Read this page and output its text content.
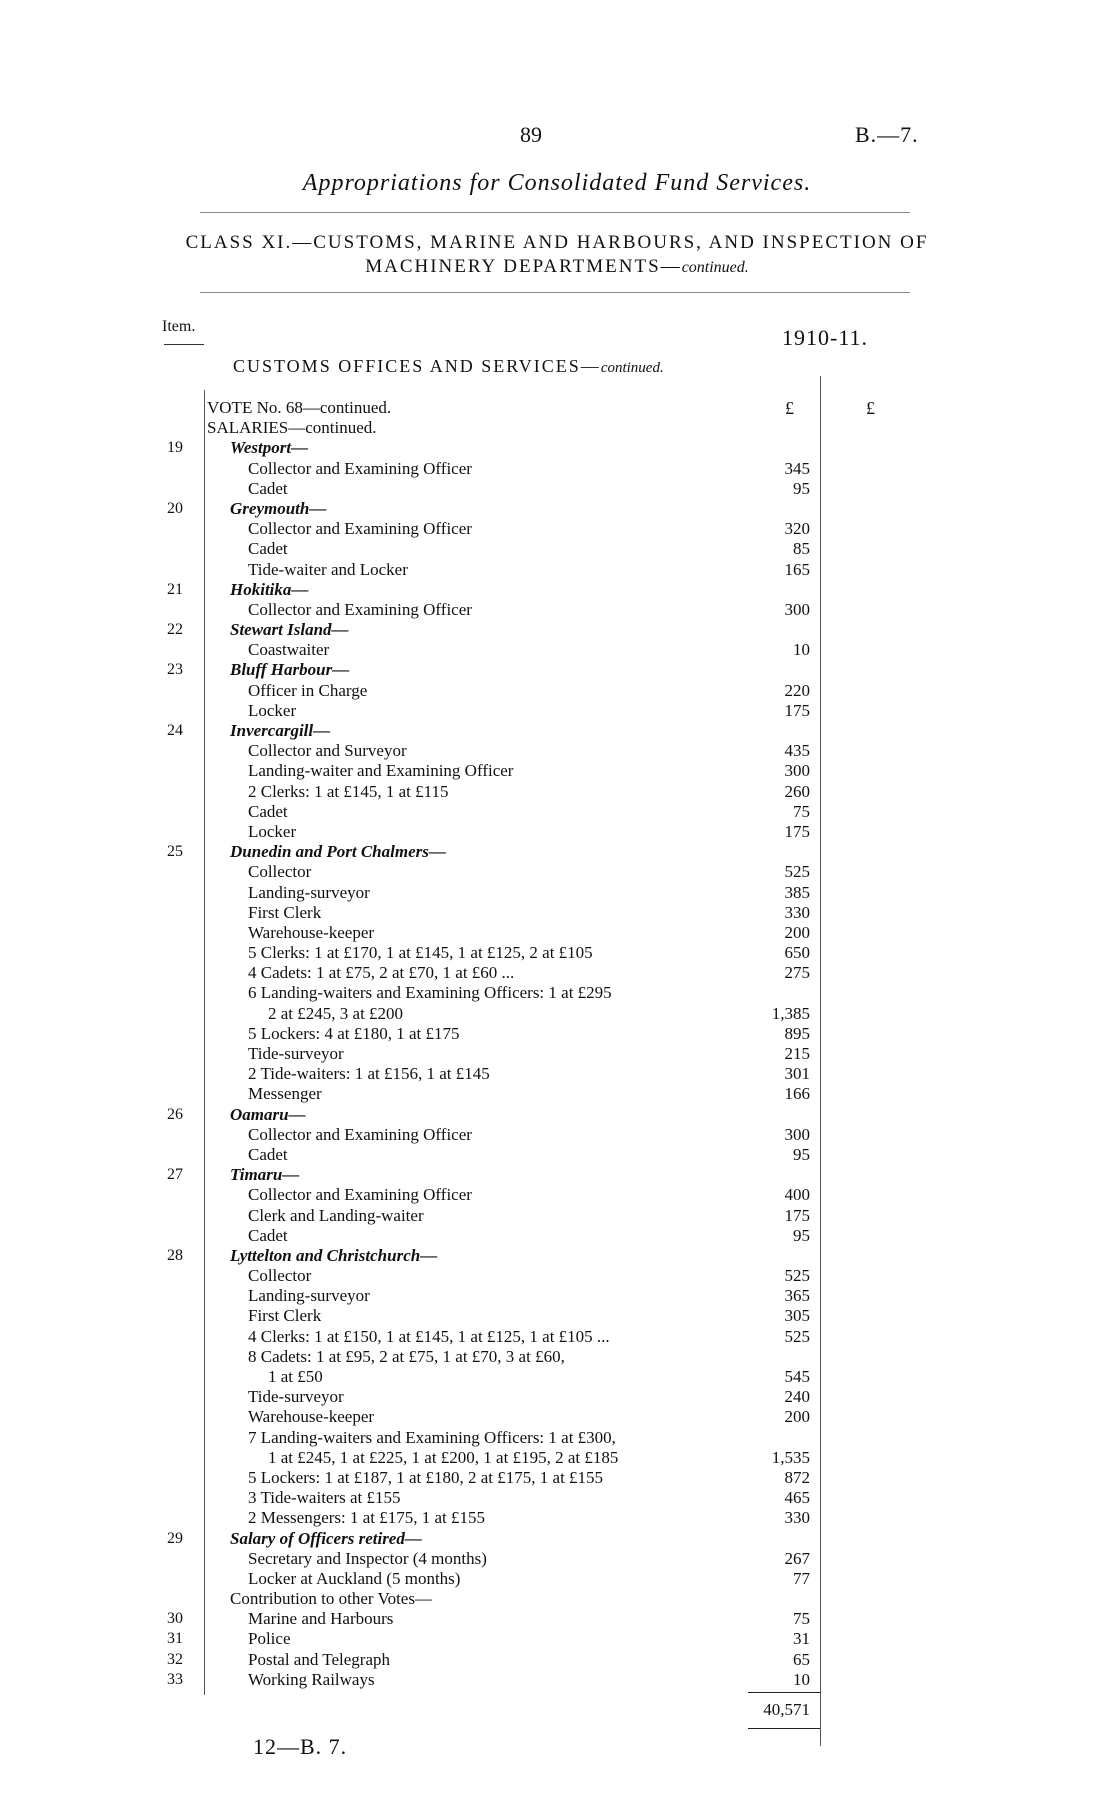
89	B.—7.
Appropriations for Consolidated Fund Services.
CLASS XI.—CUSTOMS, MARINE AND HARBOURS, AND INSPECTION OF
MACHINERY DEPARTMENTS—continued.
Item.	1910-11.
CUSTOMS OFFICES AND SERVICES—continued.
£	£
VOTE No. 68—continued.
SALARIES—continued.
19	Westport—
Collector and Examining Officer	345
Cadet	95
20	Greymouth—
Collector and Examining Officer	320
Cadet	85
Tide-waiter and Locker	165
21	Hokitika—
Collector and Examining Officer	300
22	Stewart Island—
Coastwaiter	10
23	Bluff Harbour—
Officer in Charge	220
Locker	175
24	Invercargill—
Collector and Surveyor	435
Landing-waiter and Examining Officer	300
2 Clerks: 1 at £145, 1 at £115	260
Cadet	75
Locker	175
25	Dunedin and Port Chalmers—
Collector	525
Landing-surveyor	385
First Clerk	330
Warehouse-keeper	200
5 Clerks: 1 at £170, 1 at £145, 1 at £125, 2 at £105	650
4 Cadets: 1 at £75, 2 at £70, 1 at £60 ...	275
6 Landing-waiters and Examining Officers: 1 at £295
2 at £245, 3 at £200	1,385
5 Lockers: 4 at £180, 1 at £175	895
Tide-surveyor	215
2 Tide-waiters: 1 at £156, 1 at £145	301
Messenger	166
26	Oamaru—
Collector and Examining Officer	300
Cadet	95
27	Timaru—
Collector and Examining Officer	400
Clerk and Landing-waiter	175
Cadet	95
28	Lyttelton and Christchurch—
Collector	525
Landing-surveyor	365
First Clerk	305
4 Clerks: 1 at £150, 1 at £145, 1 at £125, 1 at £105 ...	525
8 Cadets: 1 at £95, 2 at £75, 1 at £70, 3 at £60,
1 at £50	545
Tide-surveyor	240
Warehouse-keeper	200
7 Landing-waiters and Examining Officers: 1 at £300,
1 at £245, 1 at £225, 1 at £200, 1 at £195, 2 at £185	1,535
5 Lockers: 1 at £187, 1 at £180, 2 at £175, 1 at £155	872
3 Tide-waiters at £155	465
2 Messengers: 1 at £175, 1 at £155	330
29	Salary of Officers retired—
Secretary and Inspector (4 months)	267
Locker at Auckland (5 months)	77
Contribution to other Votes—
30	Marine and Harbours	75
31	Police	31
32	Postal and Telegraph	65
33	Working Railways	10
40,571
12—B. 7.
